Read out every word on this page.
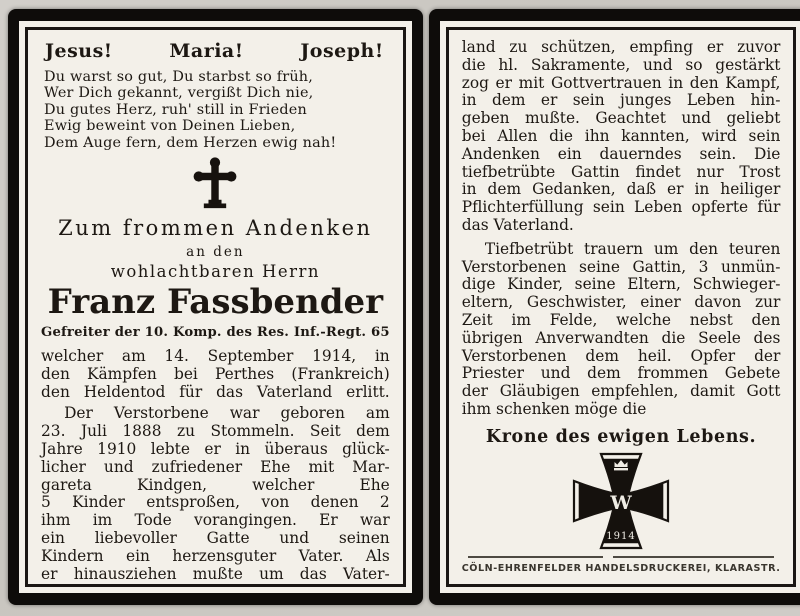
Jesus!	Maria!	Joseph!
Du warst so gut, Du starbst so früh,
Wer Dich gekannt, vergißt Dich nie,
Du gutes Herz, ruh' still in Frieden
Ewig beweint von Deinen Lieben,
Dem Auge fern, dem Herzen ewig nah!
Zum frommen Andenken
an den
wohlachtbaren Herrn
Franz Fassbender
Gefreiter der 10. Komp. des Res. Inf.-Regt. 65
welcher am 14. September 1914, in
den Kämpfen bei Perthes (Frankreich)
den Heldentod für das Vaterland erlitt.
Der Verstorbene war geboren am
23. Juli 1888 zu Stommeln. Seit dem
Jahre 1910 lebte er in überaus glück-
licher und zufriedener Ehe mit Mar-
gareta Kindgen, welcher Ehe
5 Kinder entsproßen, von denen 2
ihm im Tode vorangingen. Er war
ein liebevoller Gatte und seinen
Kindern ein herzensguter Vater. Als
er hinausziehen mußte um das Vater-
land zu schützen, empfing er zuvor
die hl. Sakramente, und so gestärkt
zog er mit Gottvertrauen in den Kampf,
in dem er sein junges Leben hin-
geben mußte. Geachtet und geliebt
bei Allen die ihn kannten, wird sein
Andenken ein dauerndes sein. Die
tiefbetrübte Gattin findet nur Trost
in dem Gedanken, daß er in heiliger
Pflichterfüllung sein Leben opferte für
das Vaterland.
Tiefbetrübt trauern um den teuren
Verstorbenen seine Gattin, 3 unmün-
dige Kinder, seine Eltern, Schwieger-
eltern, Geschwister, einer davon zur
Zeit im Felde, welche nebst den
übrigen Anverwandten die Seele des
Verstorbenen dem heil. Opfer der
Priester und dem frommen Gebete
der Gläubigen empfehlen, damit Gott
ihm schenken möge die
Krone des ewigen Lebens.
W
1914
CÖLN-EHRENFELDER HANDELSDRUCKEREI, KLARASTR.
